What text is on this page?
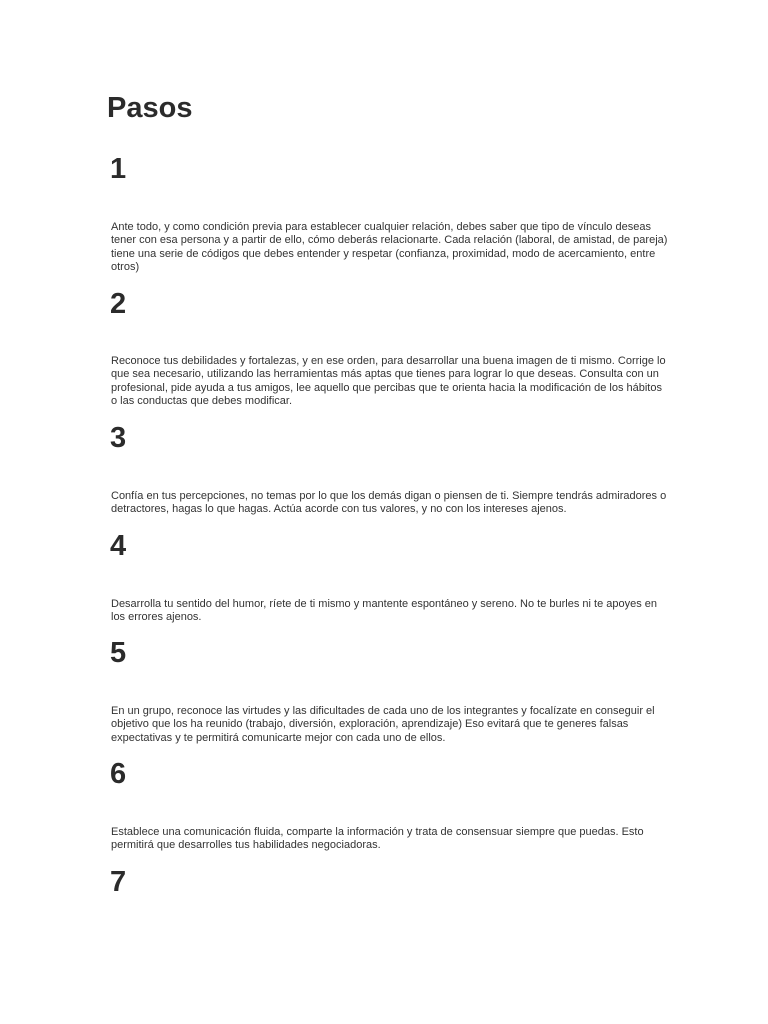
Pasos
1

Ante todo, y como condición previa para establecer cualquier relación, debes saber que tipo de vínculo deseas tener con esa persona y a partir de ello, cómo deberás relacionarte. Cada relación (laboral, de amistad, de pareja) tiene una serie de códigos que debes entender y respetar (confianza, proximidad, modo de acercamiento, entre otros)

2

Reconoce tus debilidades y fortalezas, y en ese orden, para desarrollar una buena imagen de ti mismo. Corrige lo que sea necesario, utilizando las herramientas más aptas que tienes para lograr lo que deseas. Consulta con un profesional, pide ayuda a tus amigos, lee aquello que percibas que te orienta hacia la modificación de los hábitos o las conductas que debes modificar.

3

Confía en tus percepciones, no temas por lo que los demás digan o piensen de ti. Siempre tendrás admiradores o detractores, hagas lo que hagas. Actúa acorde con tus valores, y no con los intereses ajenos.

4

Desarrolla tu sentido del humor, ríete de ti mismo y mantente espontáneo y sereno. No te burles ni te apoyes en los errores ajenos.

5

En un grupo, reconoce las virtudes y las dificultades de cada uno de los integrantes y focalízate en conseguir el objetivo que los ha reunido (trabajo, diversión, exploración, aprendizaje) Eso evitará que te generes falsas expectativas y te permitirá comunicarte mejor con cada uno de ellos.

6

Establece una comunicación fluida, comparte la información y trata de consensuar siempre que puedas. Esto permitirá que desarrolles tus habilidades negociadoras.

7
